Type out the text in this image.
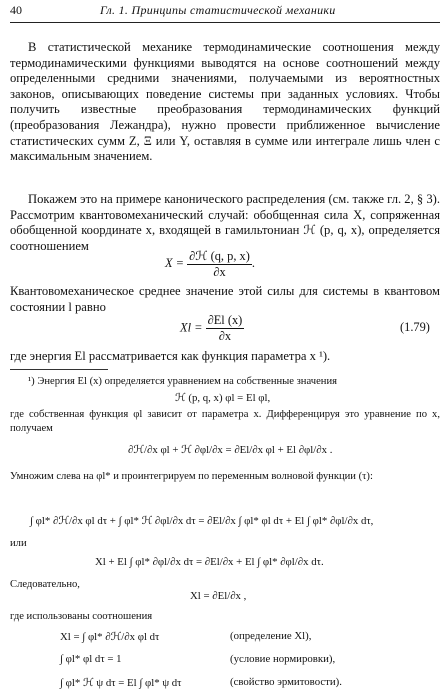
40	Гл. 1. Принципы статистической механики
В статистической механике термодинамические соотношения между термодинамическими функциями выводятся на основе соотношений между определенными средними значениями, получаемыми из вероятностных законов, описывающих поведение системы при заданных условиях. Чтобы получить известные преобразования термодинамических функций (преобразования Лежандра), нужно провести приближенное вычисление статистических сумм Z, Ξ или Y, оставляя в сумме или интеграле лишь член с максимальным значением.
Покажем это на примере канонического распределения (см. также гл. 2, § 3). Рассмотрим квантовомеханический случай: обобщенная сила X, сопряженная обобщенной координате x, входящей в гамильтониан ℋ (p, q, x), определяется соотношением
$X = \frac{\text{∂ℋ (q, p, x)}}{\partial x}$ .
Квантовомеханическое среднее значение этой силы для системы в квантовом состоянии l равно
$Xl = \frac{\partial El (x)}{\partial x}$	(1.79)
где энергия El рассматривается как функция параметра x ¹).
¹) Энергия El (x) определяется уравнением на собственные значения
ℋ (p, q, x) φl = El φl,
где собственная функция φl зависит от параметра x. Дифференцируя это уравнение по x, получаем
∂ℋ/∂x φl + ℋ ∂φl/∂x = ∂El/∂x φl + El ∂φl/∂x .
Умножим слева на φl* и проинтегрируем по переменным волновой функции (τ):
∫ φl* ∂ℋ/∂x φl dτ + ∫ φl* ℋ ∂φl/∂x dτ = ∂El/∂x ∫ φl* φl dτ + El ∫ φl* ∂φl/∂x dτ,
или
Xl + El ∫ φl* ∂φl/∂x dτ = ∂El/∂x + El ∫ φl* ∂φl/∂x dτ.
Следовательно,
Xl = ∂El/∂x ,
где использованы соотношения
Xl = ∫ φl* ∂ℋ/∂x φl dτ	(определение Xl),
∫ φl* φl dτ = 1	(условие нормировки),
∫ φl* ℋ ψ dτ = El ∫ φl* ψ dτ	(свойство эрмитовости).
